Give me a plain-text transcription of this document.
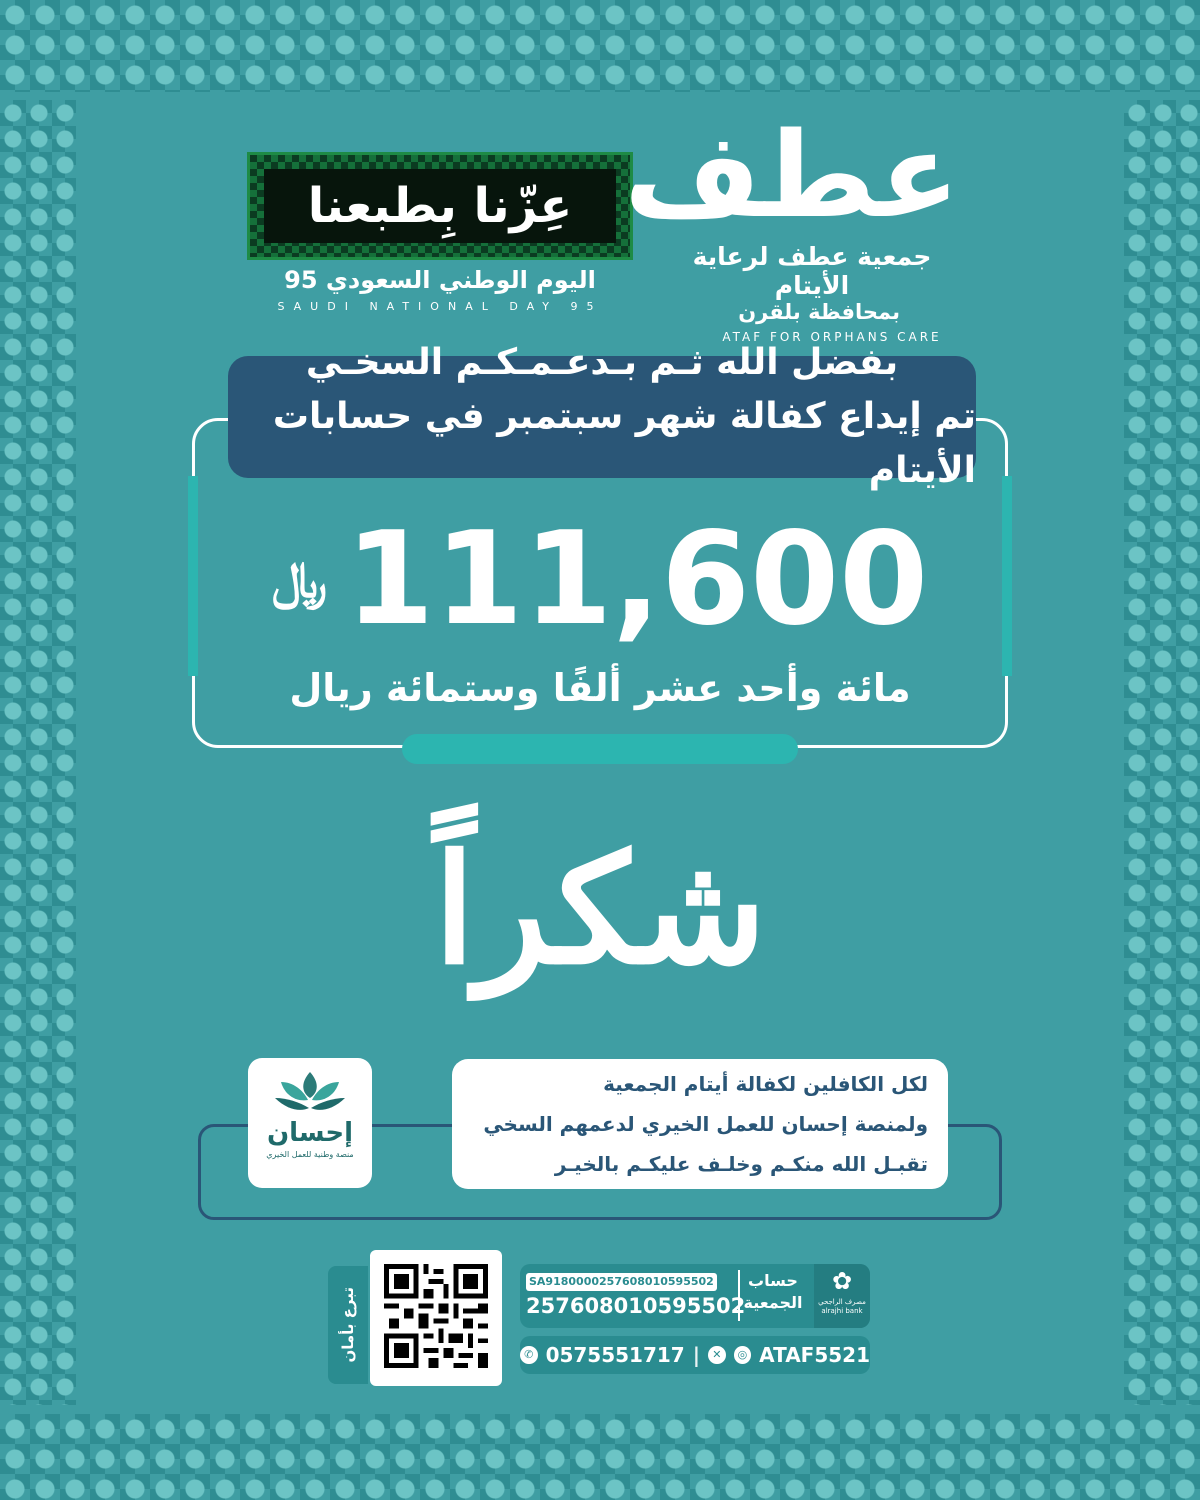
عِزّنا بِطبعنا
اليوم الوطني السعودي 95
SAUDI NATIONAL DAY 95
عطف
جمعية عطف لرعاية الأيتام
بمحافظة بلقرن
ATAF FOR ORPHANS CARE
بفضل الله ثـم بـدعـمـكـم السخـي
تم إيداع كفالة شهر سبتمبر في حسابات الأيتام
﷼ 111,600
مائة وأحد عشر ألفًا وستمائة ريال
شكراً
لكل الكافلين لكفالة أيتام الجمعية
ولمنصة إحسان للعمل الخيري لدعمهم السخي
تقبـل الله منكـم وخلـف عليكـم بالخيـر
إحسان
منصة وطنية للعمل الخيري
تبرع بأمان
✿
مصرف الراجحي
alrajhi bank
حساب
الجمعية
SA9180000257608010595502
257608010595502
✆ 0575551717 |	✕	◎ ATAF5521
